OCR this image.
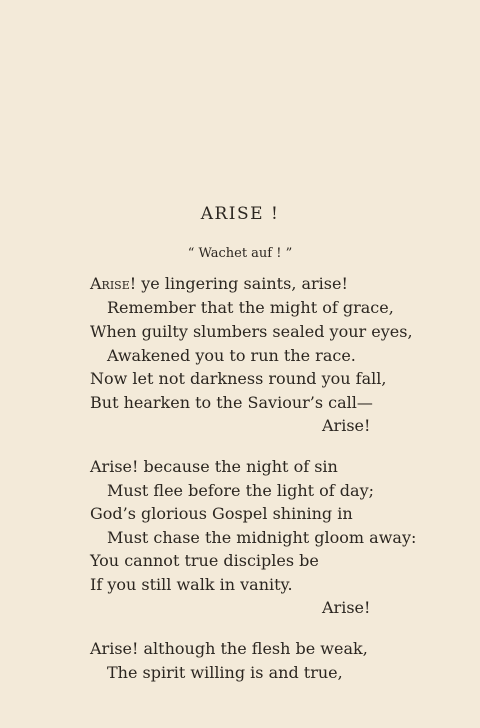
ARISE !
“ Wachet auf ! ”
Arise! ye lingering saints, arise!
Remember that the might of grace,
When guilty slumbers sealed your eyes,
Awakened you to run the race.
Now let not darkness round you fall,
But hearken to the Saviour’s call—
Arise!
Arise! because the night of sin
Must flee before the light of day;
God’s glorious Gospel shining in
Must chase the midnight gloom away:
You cannot true disciples be
If you still walk in vanity.
Arise!
Arise! although the flesh be weak,
The spirit willing is and true,
